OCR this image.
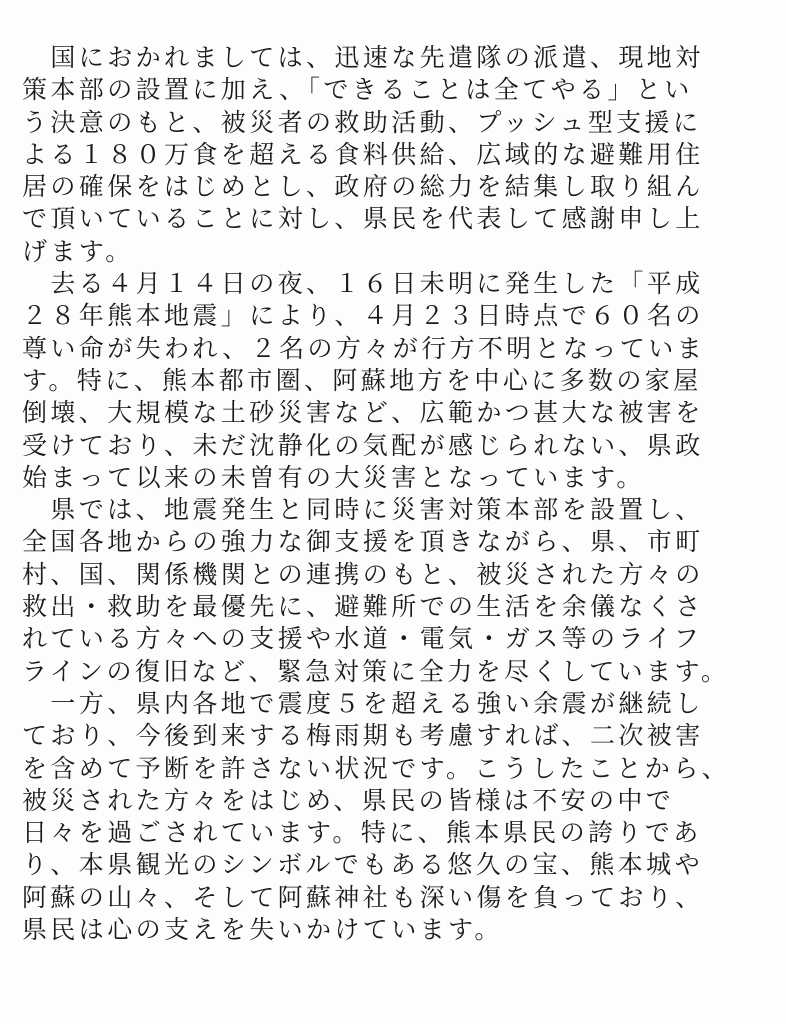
　国におかれましては、迅速な先遣隊の派遣、現地対
策本部の設置に加え、「できることは全てやる」とい
う決意のもと、被災者の救助活動、プッシュ型支援に
よる１８０万食を超える食料供給、広域的な避難用住
居の確保をはじめとし、政府の総力を結集し取り組ん
で頂いていることに対し、県民を代表して感謝申し上
げます。
　去る４月１４日の夜、１６日未明に発生した「平成
２８年熊本地震」により、４月２３日時点で６０名の
尊い命が失われ、２名の方々が行方不明となっていま
す。特に、熊本都市圏、阿蘇地方を中心に多数の家屋
倒壊、大規模な土砂災害など、広範かつ甚大な被害を
受けており、未だ沈静化の気配が感じられない、県政
始まって以来の未曽有の大災害となっています。
　県では、地震発生と同時に災害対策本部を設置し、
全国各地からの強力な御支援を頂きながら、県、市町
村、国、関係機関との連携のもと、被災された方々の
救出・救助を最優先に、避難所での生活を余儀なくさ
れている方々への支援や水道・電気・ガス等のライフ
ラインの復旧など、緊急対策に全力を尽くしています。
　一方、県内各地で震度５を超える強い余震が継続し
ており、今後到来する梅雨期も考慮すれば、二次被害
を含めて予断を許さない状況です。こうしたことから、
被災された方々をはじめ、県民の皆様は不安の中で
日々を過ごされています。特に、熊本県民の誇りであ
り、本県観光のシンボルでもある悠久の宝、熊本城や
阿蘇の山々、そして阿蘇神社も深い傷を負っており、
県民は心の支えを失いかけています。
